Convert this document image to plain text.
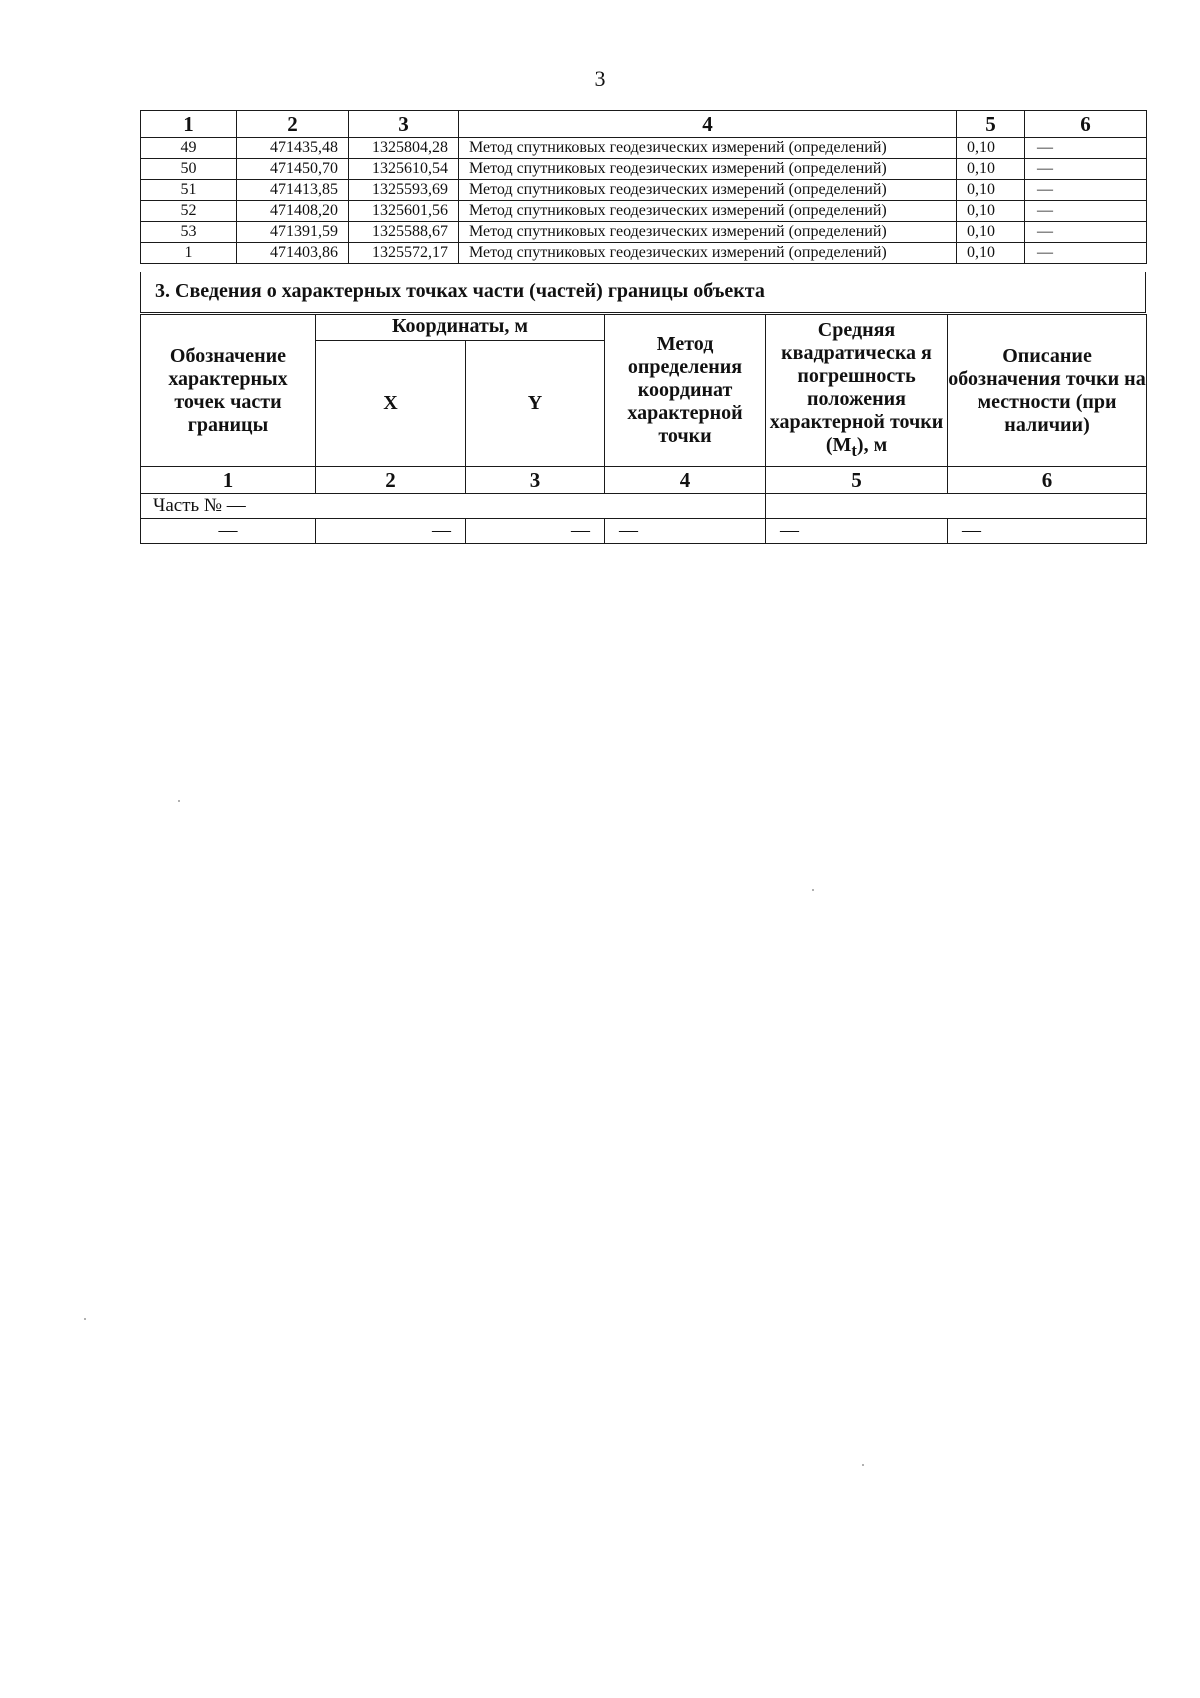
3
1	2	3	4	5	6
49	471435,48	1325804,28	Метод спутниковых геодезических измерений (определений)	0,10	—
50	471450,70	1325610,54	Метод спутниковых геодезических измерений (определений)	0,10	—
51	471413,85	1325593,69	Метод спутниковых геодезических измерений (определений)	0,10	—
52	471408,20	1325601,56	Метод спутниковых геодезических измерений (определений)	0,10	—
53	471391,59	1325588,67	Метод спутниковых геодезических измерений (определений)	0,10	—
1	471403,86	1325572,17	Метод спутниковых геодезических измерений (определений)	0,10	—
3. Сведения о характерных точках части (частей) границы объекта
Обозначение характерных точек части границы	Координаты, м		Метод определения координат характерной точки	Средняя квадратическа я погрешность положения характерной точки $(M_t)$, м	Описание обозначения точки на местности (при наличии)
	X	Y			
1	2	3	4	5	6
Часть № —					
—	—	—	—	—	—
